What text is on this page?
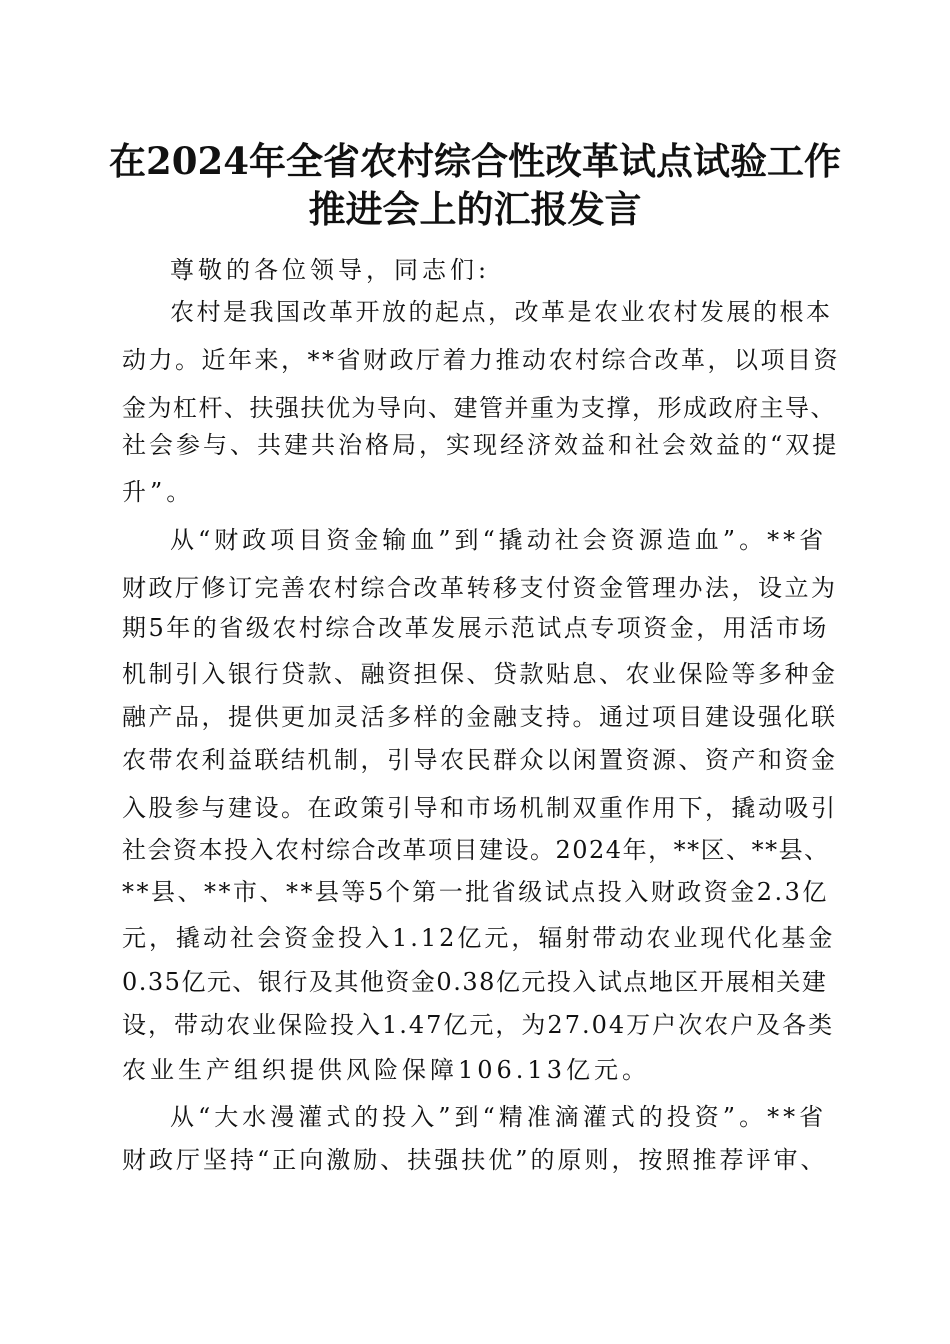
在2024年全省农村综合性改革试点试验工作
推进会上的汇报发言
尊敬的各位领导，同志们:
农村是我国改革开放的起点，改革是农业农村发展的根本
动力。近年来，**省财政厅着力推动农村综合改革，以项目资
金为杠杆、扶强扶优为导向、建管并重为支撑，形成政府主导、
社会参与、共建共治格局，实现经济效益和社会效益的“双提
升”。
从“财政项目资金输血”到“撬动社会资源造血”。**省
财政厅修订完善农村综合改革转移支付资金管理办法，设立为
期5年的省级农村综合改革发展示范试点专项资金，用活市场
机制引入银行贷款、融资担保、贷款贴息、农业保险等多种金
融产品，提供更加灵活多样的金融支持。通过项目建设强化联
农带农利益联结机制，引导农民群众以闲置资源、资产和资金
入股参与建设。在政策引导和市场机制双重作用下，撬动吸引
社会资本投入农村综合改革项目建设。2024年，**区、**县、
**县、**市、**县等5个第一批省级试点投入财政资金2.3亿
元，撬动社会资金投入1.12亿元，辐射带动农业现代化基金
0.35亿元、银行及其他资金0.38亿元投入试点地区开展相关建
设，带动农业保险投入1.47亿元，为27.04万户次农户及各类
农业生产组织提供风险保障106.13亿元。
从“大水漫灌式的投入”到“精准滴灌式的投资”。**省
财政厅坚持“正向激励、扶强扶优”的原则，按照推荐评审、
